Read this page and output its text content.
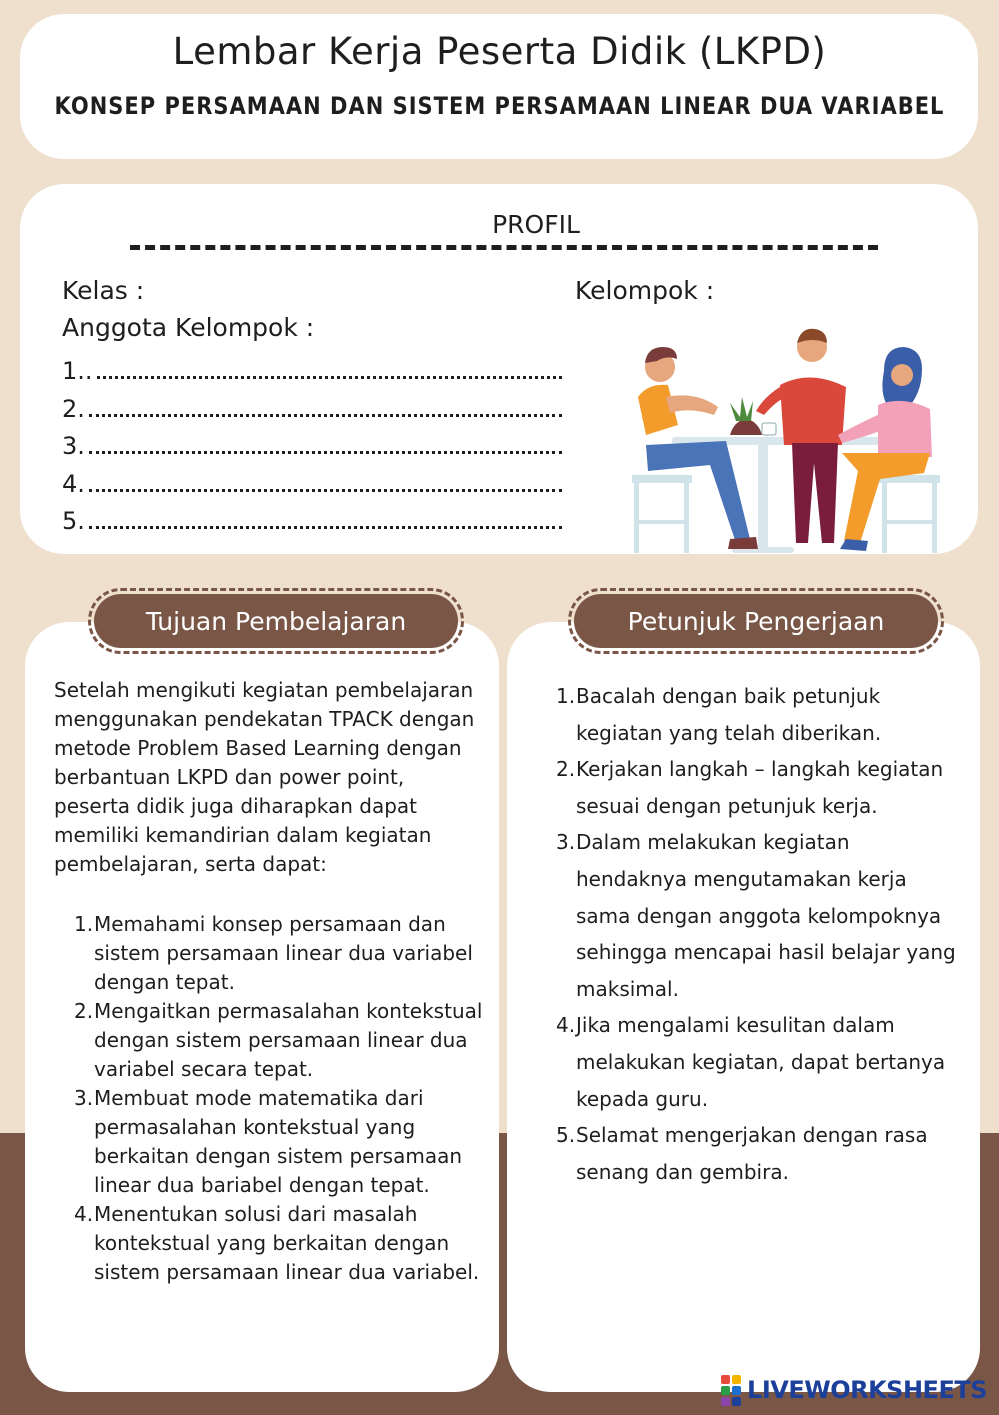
Lembar Kerja Peserta Didik (LKPD)
KONSEP PERSAMAAN DAN SISTEM PERSAMAAN LINEAR DUA VARIABEL
PROFIL
Kelas :	Kelompok :
Anggota Kelompok :
1..
2.
3.
4.
5.
Tujuan Pembelajaran	Petunjuk Pengerjaan
Setelah mengikuti kegiatan pembelajaran menggunakan pendekatan TPACK dengan metode Problem Based Learning dengan berbantuan LKPD dan power point, peserta didik juga diharapkan dapat memiliki kemandirian dalam kegiatan pembelajaran, serta dapat:
1. Memahami konsep persamaan dan sistem persamaan linear dua variabel dengan tepat.
2. Mengaitkan permasalahan kontekstual dengan sistem persamaan linear dua variabel secara tepat.
3. Membuat mode matematika dari permasalahan kontekstual yang berkaitan dengan sistem persamaan linear dua bariabel dengan tepat.
4. Menentukan solusi dari masalah kontekstual yang berkaitan dengan sistem persamaan linear dua variabel.
1. Bacalah dengan baik petunjuk kegiatan yang telah diberikan.
2. Kerjakan langkah – langkah kegiatan sesuai dengan petunjuk kerja.
3. Dalam melakukan kegiatan hendaknya mengutamakan kerja sama dengan anggota kelompoknya sehingga mencapai hasil belajar yang maksimal.
4. Jika mengalami kesulitan dalam melakukan kegiatan, dapat bertanya kepada guru.
5. Selamat mengerjakan dengan rasa senang dan gembira.
LIVEWORKSHEETS
